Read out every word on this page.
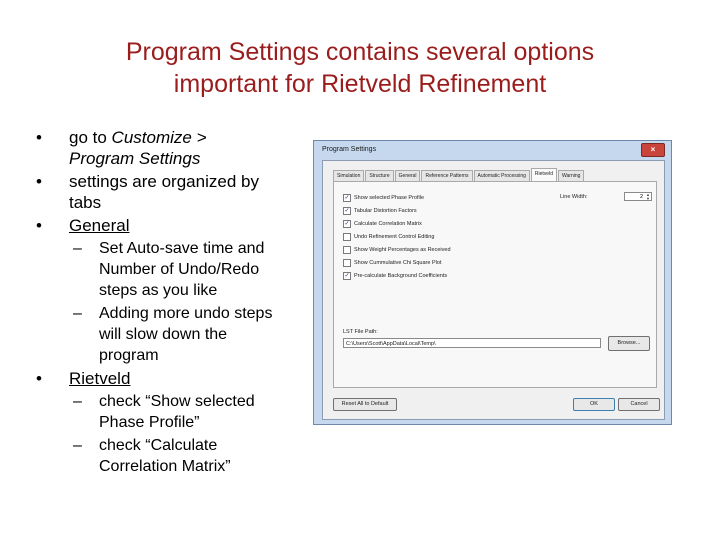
Program Settings contains several options
important for Rietveld Refinement
• go to Customize >
Program Settings
• settings are organized by
tabs
• General
– Set Auto-save time and
Number of Undo/Redo
steps as you like
– Adding more undo steps
will slow down the
program
• Rietveld
– check “Show selected
Phase Profile”
– check “Calculate
Correlation Matrix”
Program Settings	×
Simulation	Structure	General	Reference Patterns	Automatic Processing	Rietveld	Warning
✓ Show selected Phase Profile
✓ Tabular Distortion Factors
✓ Calculate Correlation Matrix
Undo Refinement Control Editing
Show Weight Percentages as Received
Show Cummulative Chi Square Plot
✓ Pre-calculate Background Coefficients
Line Width:	2 ▲
▼
LST File Path:
C:\Users\Scott\AppData\Local\Temp\	Browse...
Reset All to Default	OK	Cancel
